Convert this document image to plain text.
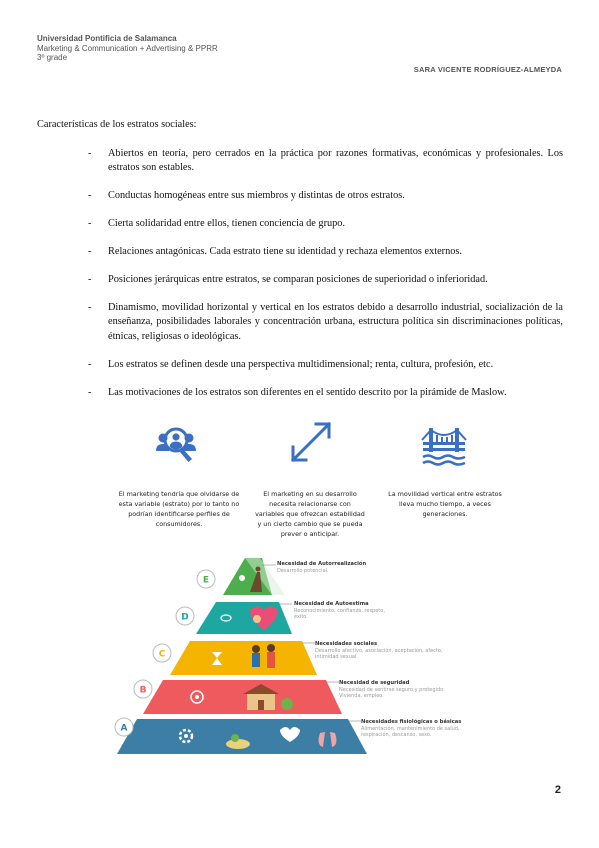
Universidad Pontificia de Salamanca
Marketing & Communication + Advertising & PPRR
3º grade
SARA VICENTE RODRÍGUEZ-ALMEYDA
Características de los estratos sociales:
- Abiertos en teoría, pero cerrados en la práctica por razones formativas, económicas y profesionales. Los estratos son estables.
- Conductas homogéneas entre sus miembros y distintas de otros estratos.
- Cierta solidaridad entre ellos, tienen conciencia de grupo.
- Relaciones antagónicas. Cada estrato tiene su identidad y rechaza elementos externos.
- Posiciones jerárquicas entre estratos, se comparan posiciones de superioridad o inferioridad.
- Dinamismo, movilidad horizontal y vertical en los estratos debido a desarrollo industrial, socialización de la enseñanza, posibilidades laborales y concentración urbana, estructura política sin discriminaciones políticas, étnicas, religiosas o ideológicas.
- Los estratos se definen desde una perspectiva multidimensional; renta, cultura, profesión, etc.
- Las motivaciones de los estratos son diferentes en el sentido descrito por la pirámide de Maslow.
El marketing tendría que olvidarse de esta variable (estrato) por lo tanto no podrían identificarse perfiles de consumidores.
El marketing en su desarrollo necesita relacionarse con variables que ofrezcan estabilidad y un cierto cambio que se pueda prever o anticipar.
La movilidad vertical entre estratos lleva mucho tiempo, a veces generaciones.
E
D
C
B
A
Necesidad de Autorrealización
Desarrollo potencial.
Necesidad de Autoestima
Reconocimiento, confianza, respeto, éxito.
Necesidades sociales
Desarrollo afectivo, asociación, aceptación, afecto, intimidad sexual.
Necesidad de seguridad
Necesidad de sentirse seguro y protegido: Vivienda, empleo.
Necesidades fisiológicas o básicas
Alimentación, mantenimiento de salud, respiración, descanso, sexo.
2
